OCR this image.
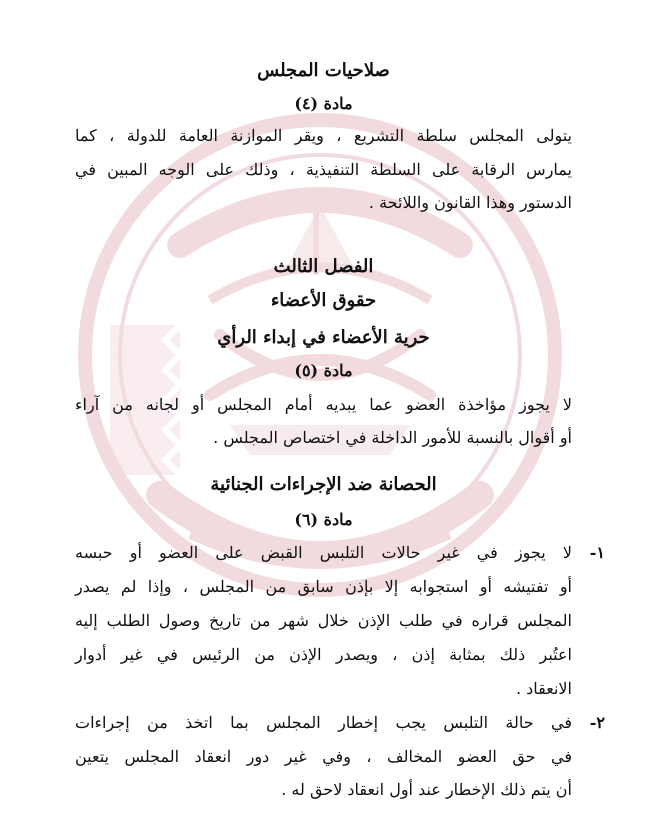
صلاحيات المجلس
مادة (٤)
يتولى المجلس سلطة التشريع ، ويقر الموازنة العامة للدولة ، كما
يمارس الرقابة على السلطة التنفيذية ، وذلك على الوجه المبين في
الدستور وهذا القانون واللائحة .
الفصل الثالث
حقوق الأعضاء
حرية الأعضاء في إبداء الرأي
مادة (٥)
لا يجوز مؤاخذة العضو عما يبديه أمام المجلس أو لجانه من آراء
أو أقوال بالنسبة للأمور الداخلة في اختصاص المجلس .
الحصانة ضد الإجراءات الجنائية
مادة (٦)
١-
لا يجوز في غير حالات التلبس القبض على العضو أو حبسه
أو تفتيشه أو استجوابه إلا بإذن سابق من المجلس ، وإذا لم يصدر
المجلس قراره في طلب الإذن خلال شهر من تاريخ وصول الطلب إليه
اعتُبر ذلك بمثابة إذن ، ويصدر الإذن من الرئيس في غير أدوار
الانعقاد .
٢-
في حالة التلبس يجب إخطار المجلس بما اتخذ من إجراءات
في حق العضو المخالف ، وفي غير دور انعقاد المجلس يتعين
أن يتم ذلك الإخطار عند أول انعقاد لاحق له .
